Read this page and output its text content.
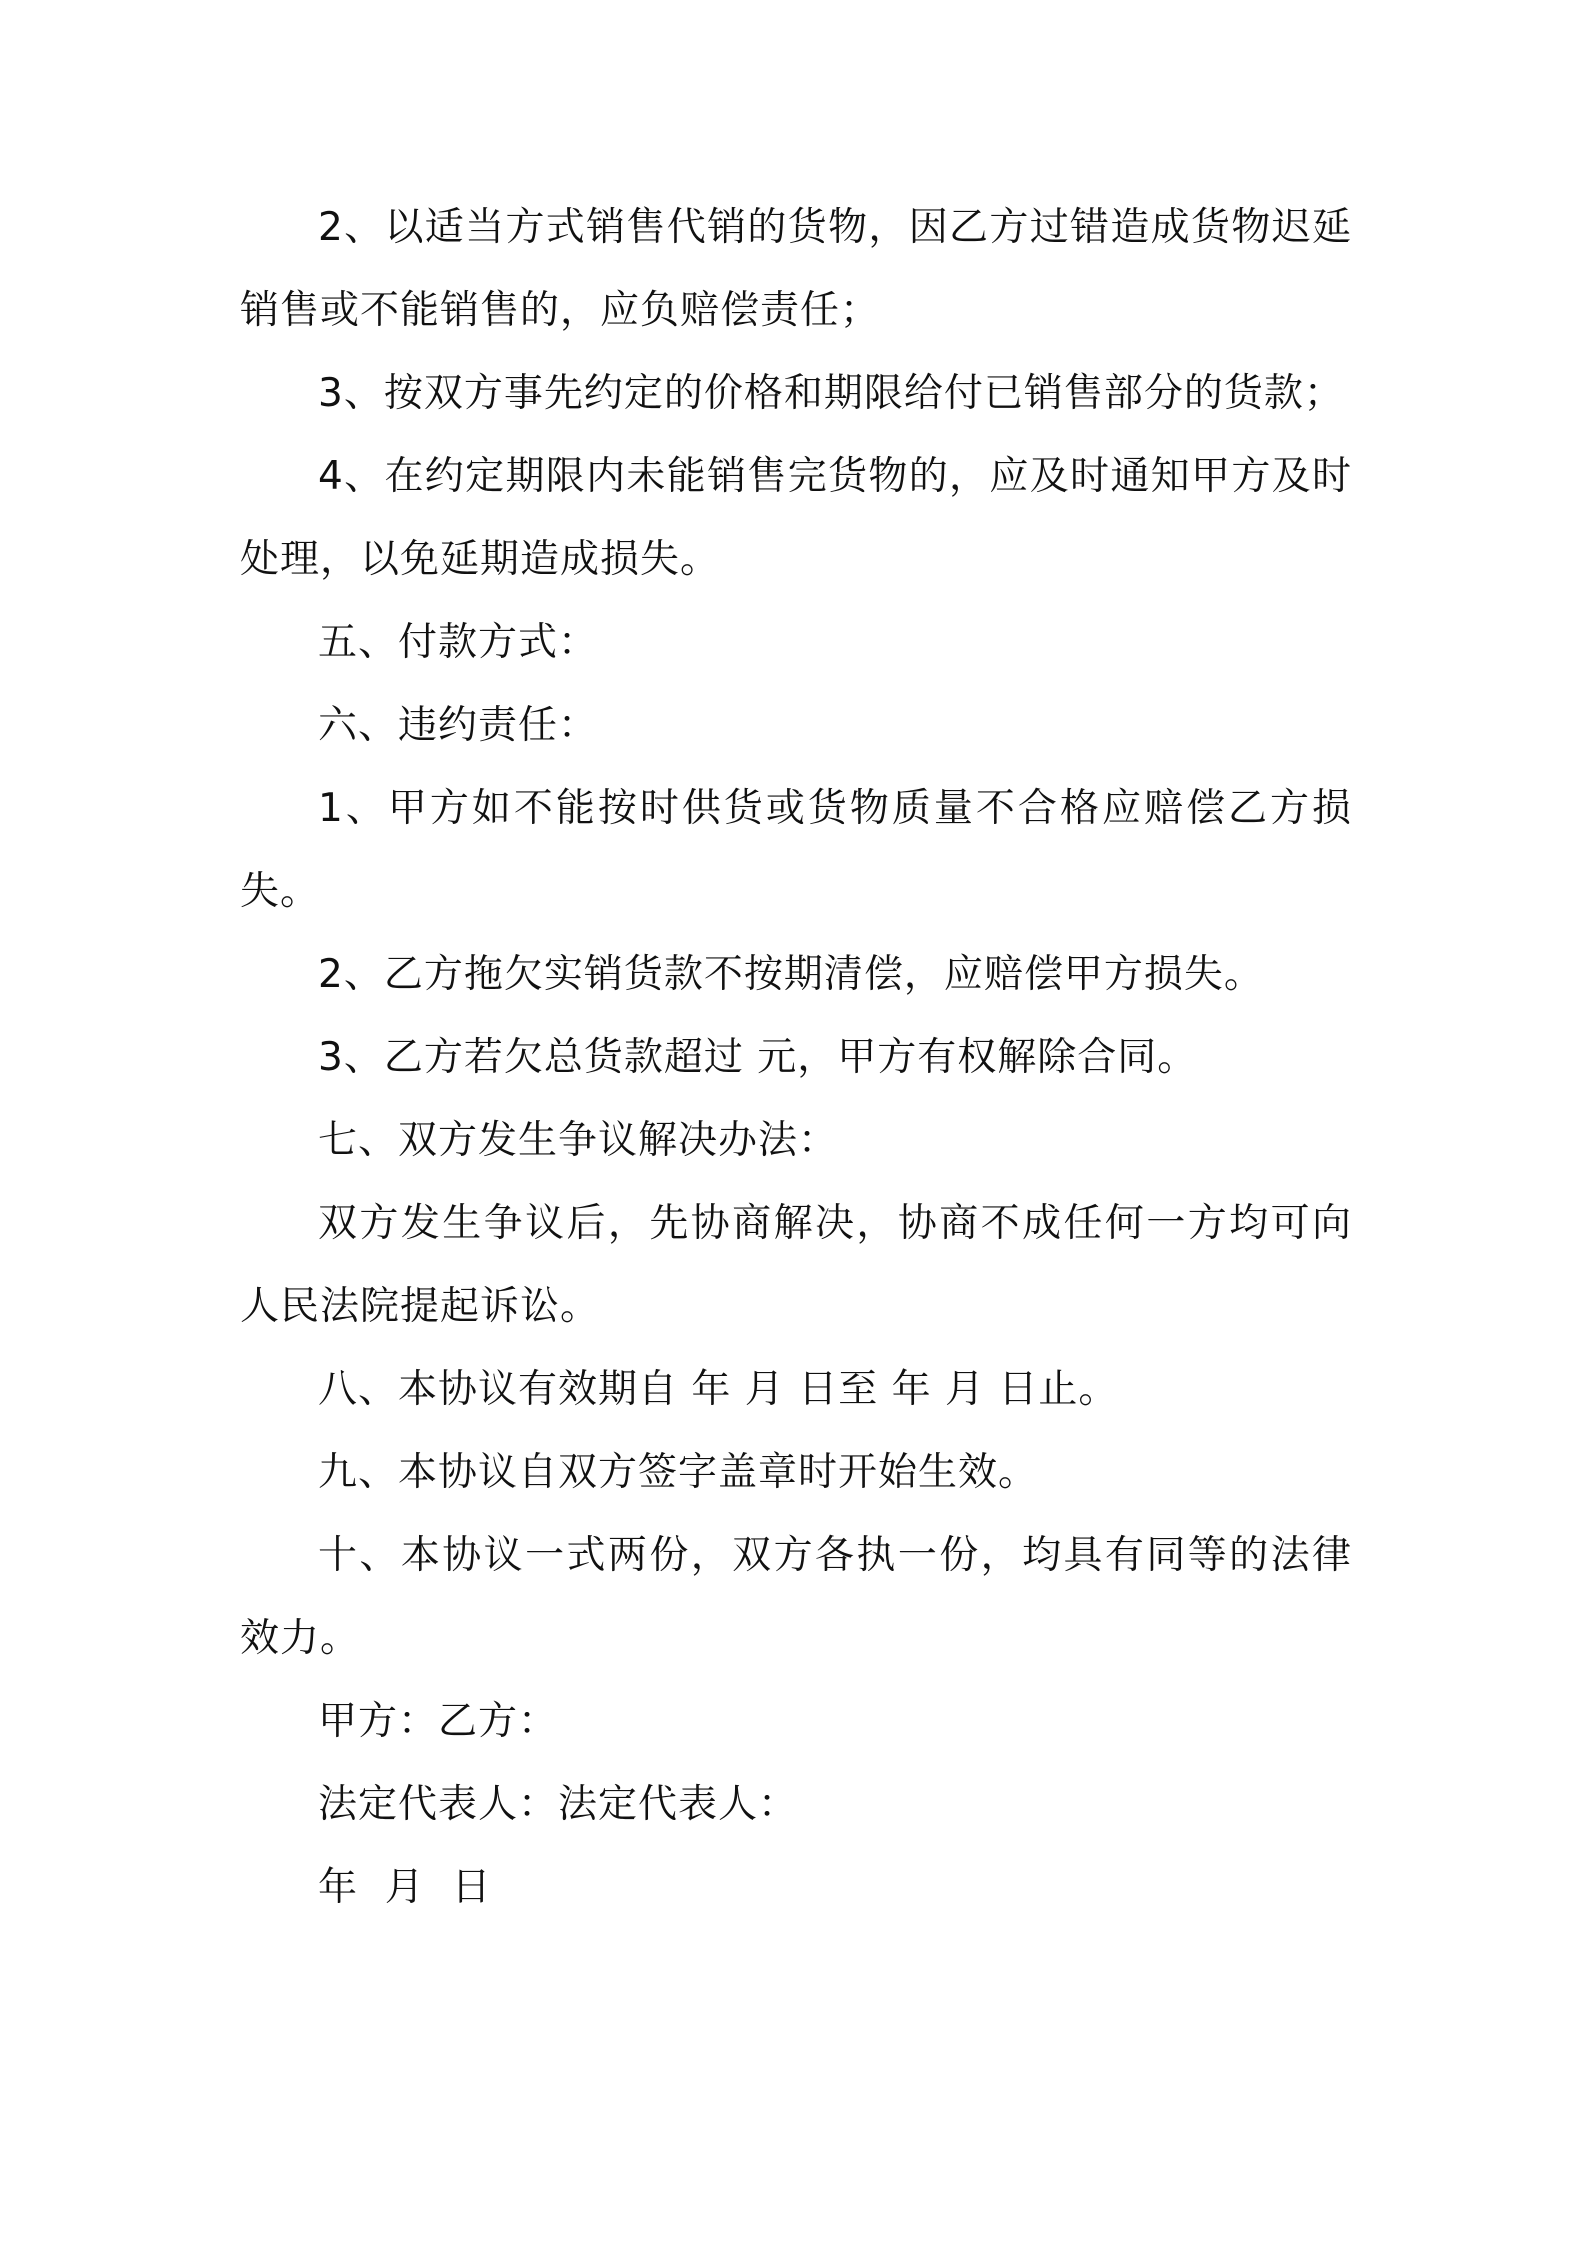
2、以适当方式销售代销的货物，因乙方过错造成货物迟延销售或不能销售的，应负赔偿责任；

3、按双方事先约定的价格和期限给付已销售部分的货款；

4、在约定期限内未能销售完货物的，应及时通知甲方及时处理，以免延期造成损失。

五、付款方式：

六、违约责任：

1、甲方如不能按时供货或货物质量不合格应赔偿乙方损失。

2、乙方拖欠实销货款不按期清偿，应赔偿甲方损失。

3、乙方若欠总货款超过 元，甲方有权解除合同。

七、双方发生争议解决办法：

双方发生争议后，先协商解决，协商不成任何一方均可向人民法院提起诉讼。

八、本协议有效期自 年 月 日至 年 月 日止。

九、本协议自双方签字盖章时开始生效。

十、本协议一式两份，双方各执一份，均具有同等的法律效力。

甲方：乙方：

法定代表人：法定代表人：

年  月  日
